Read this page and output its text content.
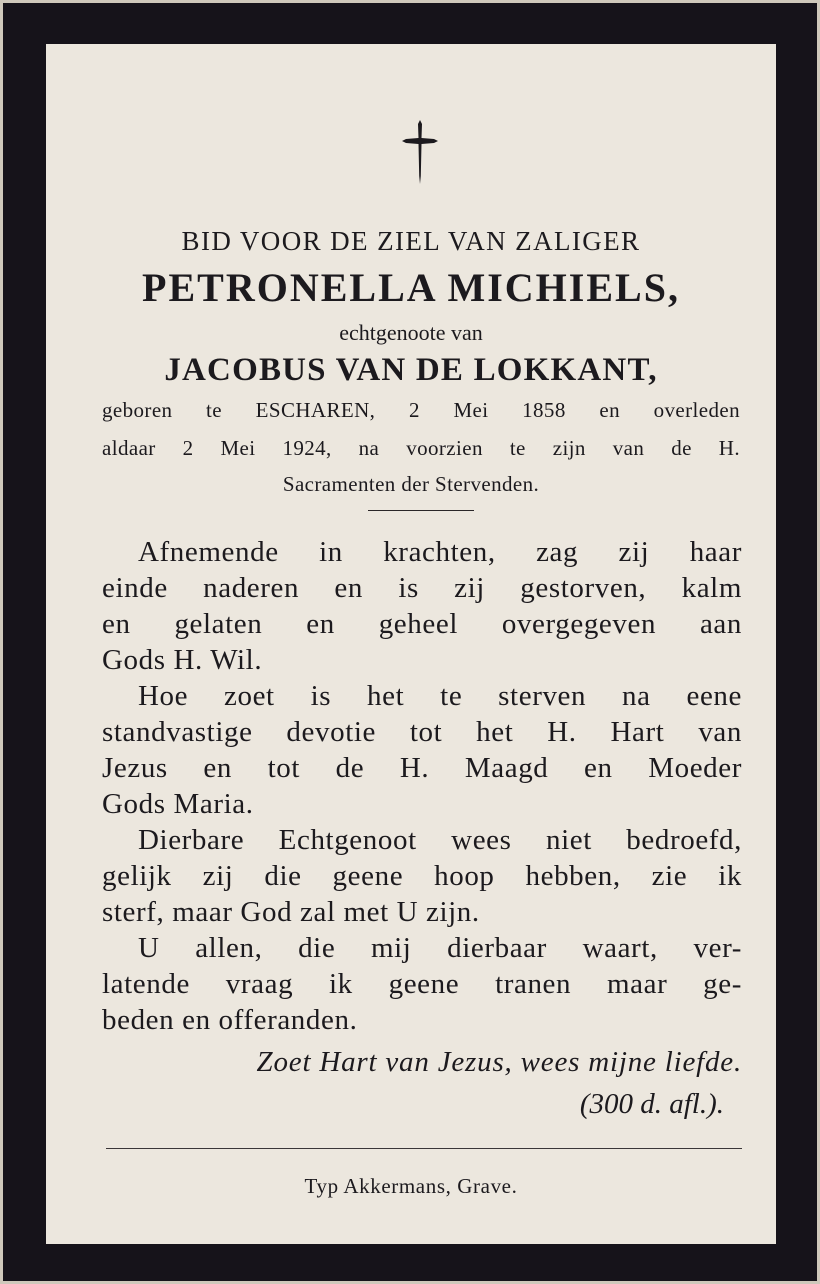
BID VOOR DE ZIEL VAN ZALIGER
PETRONELLA MICHIELS,
echtgenoote van
JACOBUS VAN DE LOKKANT,
geboren te ESCHAREN, 2 Mei 1858 en overleden
aldaar 2 Mei 1924, na voorzien te zijn van de H.
Sacramenten der Stervenden.
Afnemende in krachten, zag zij haar
einde naderen en is zij gestorven, kalm
en gelaten en geheel overgegeven aan
Gods H. Wil.
Hoe zoet is het te sterven na eene
standvastige devotie tot het H. Hart van
Jezus en tot de H. Maagd en Moeder
Gods Maria.
Dierbare Echtgenoot wees niet bedroefd,
gelijk zij die geene hoop hebben, zie ik
sterf, maar God zal met U zijn.
U allen, die mij dierbaar waart, ver-
latende vraag ik geene tranen maar ge-
beden en offeranden.
Zoet Hart van Jezus, wees mijne liefde.
(300 d. afl.).
Typ Akkermans, Grave.
